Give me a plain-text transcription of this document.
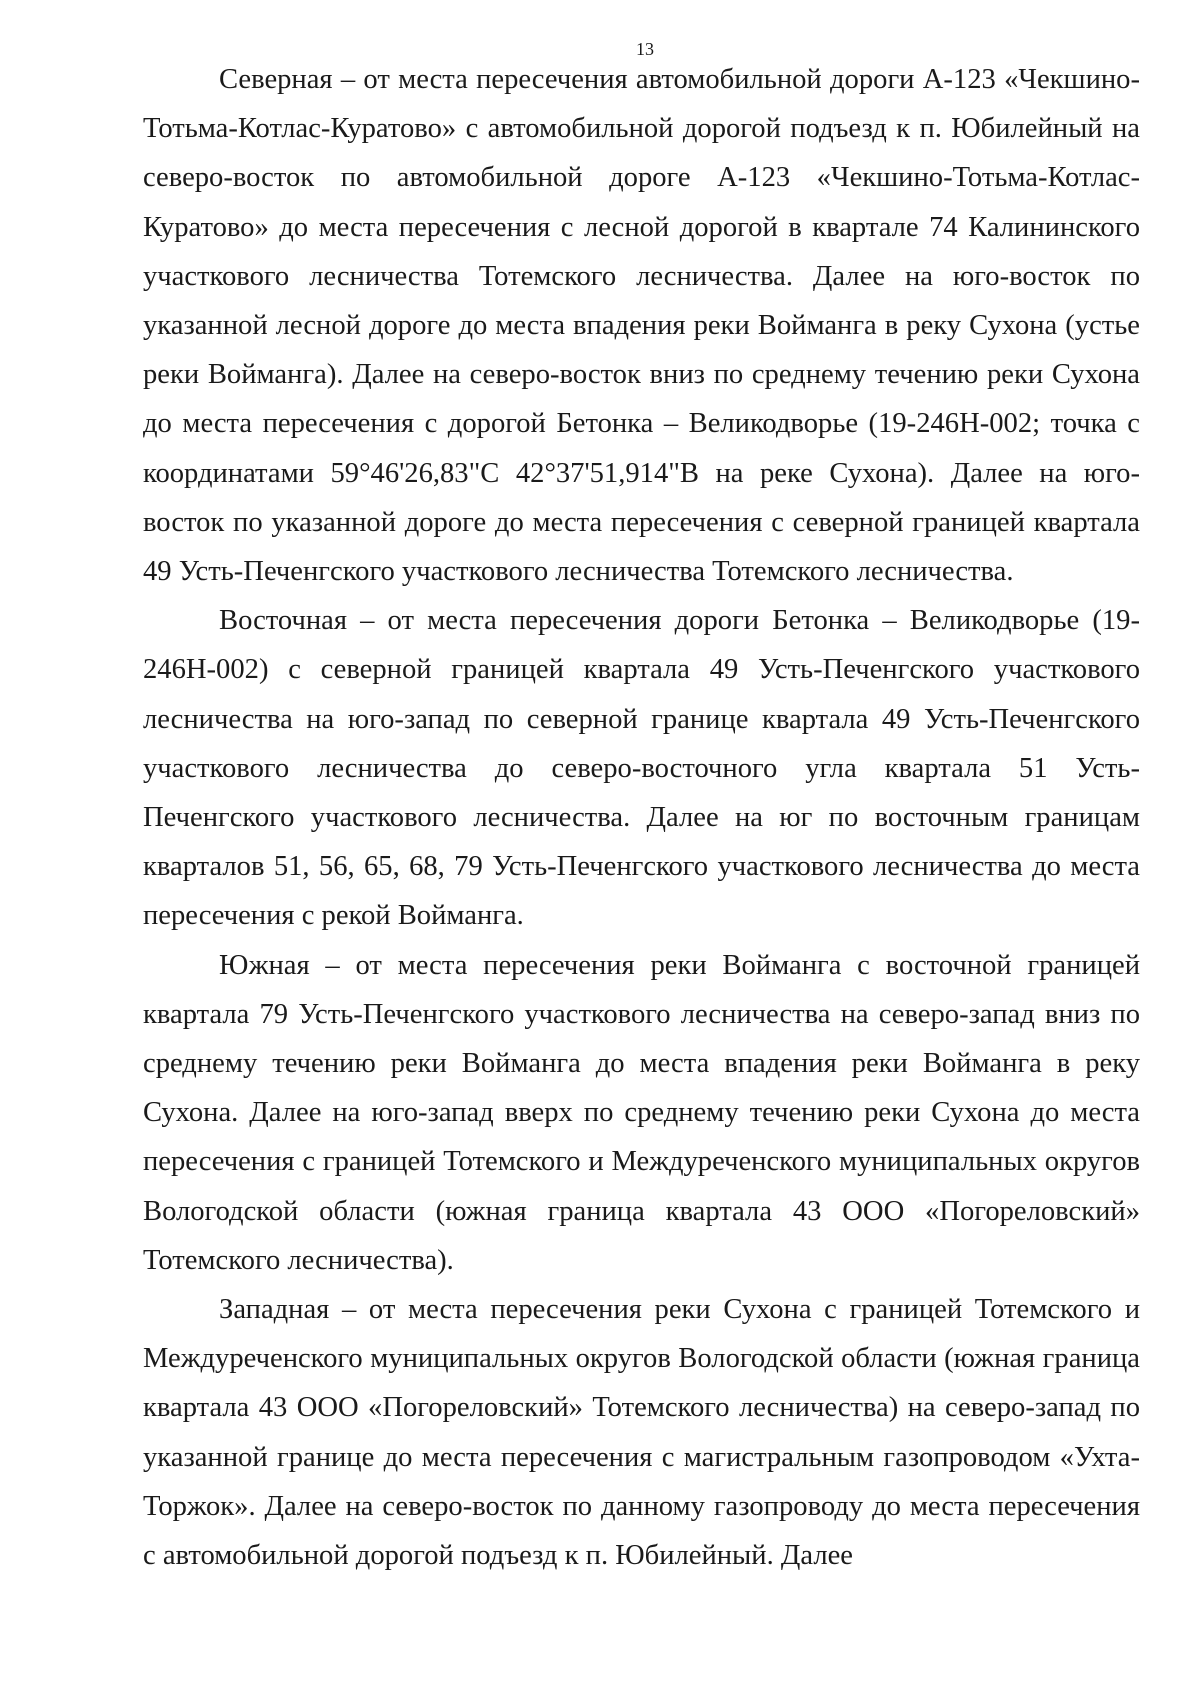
13

Северная – от места пересечения автомобильной дороги А-123 «Чекшино-Тотьма-Котлас-Куратово» с автомобильной дорогой подъезд к п. Юбилейный на северо-восток по автомобильной дороге А-123 «Чекшино-Тотьма-Котлас-Куратово» до места пересечения с лесной дорогой в квартале 74 Калининского участкового лесничества Тотемского лесничества. Далее на юго-восток по указанной лесной дороге до места впадения реки Войманга в реку Сухона (устье реки Войманга). Далее на северо-восток вниз по среднему течению реки Сухона до места пересечения с дорогой Бетонка – Великодворье (19-246Н-002; точка с координатами 59°46'26,83"С 42°37'51,914"В на реке Сухона). Далее на юго-восток по указанной дороге до места пересечения с северной границей квартала 49 Усть-Печенгского участкового лесничества Тотемского лесничества.

Восточная – от места пересечения дороги Бетонка – Великодворье (19-246Н-002) с северной границей квартала 49 Усть-Печенгского участкового лесничества на юго-запад по северной границе квартала 49 Усть-Печенгского участкового лесничества до северо-восточного угла квартала 51 Усть-Печенгского участкового лесничества. Далее на юг по восточным границам кварталов 51, 56, 65, 68, 79 Усть-Печенгского участкового лесничества до места пересечения с рекой Войманга.

Южная – от места пересечения реки Войманга с восточной границей квартала 79 Усть-Печенгского участкового лесничества на северо-запад вниз по среднему течению реки Войманга до места впадения реки Войманга в реку Сухона. Далее на юго-запад вверх по среднему течению реки Сухона до места пересечения с границей Тотемского и Междуреченского муниципальных округов Вологодской области (южная граница квартала 43 ООО «Погореловский» Тотемского лесничества).

Западная – от места пересечения реки Сухона с границей Тотемского и Междуреченского муниципальных округов Вологодской области (южная граница квартала 43 ООО «Погореловский» Тотемского лесничества) на северо-запад по указанной границе до места пересечения с магистральным газопроводом «Ухта-Торжок». Далее на северо-восток по данному газопроводу до места пересечения с автомобильной дорогой подъезд к п. Юбилейный. Далее
